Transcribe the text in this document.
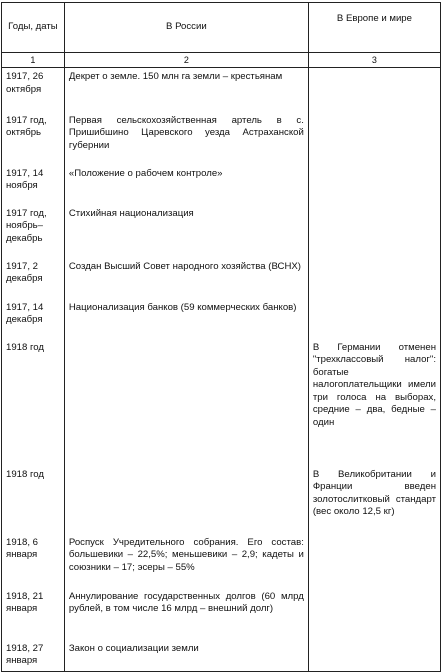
Годы, даты	В России	В Европе и мире
1	2	3
1917, 26 октября	Декрет о земле. 150 млн га земли – крестьянам	
1917 год, октябрь	Первая сельскохозяйственная артель в с. Пришибшино Царевского уезда Астраханской губернии	
1917, 14 ноября	«Положение о рабочем контроле»	
1917 год, ноябрь–декабрь	Стихийная национализация	
1917, 2 декабря	Создан Высший Совет народного хозяйства (ВСНХ)	
1917, 14 декабря	Национализация банков (59 коммерческих банков)	
1918 год		В Германии отменен "трехклассовый налог": богатые налогоплательщики имели три голоса на выборах, средние – два, бедные – один
1918 год		В Великобритании и Франции введен золотослитковый стандарт (вес около 12,5 кг)
1918, 6 января	Роспуск Учредительного собрания. Его состав: большевики – 22,5%; меньшевики – 2,9; кадеты и союзники – 17; эсеры – 55%	
1918, 21 января	Аннулирование государственных долгов (60 млрд рублей, в том числе 16 млрд – внешний долг)	
1918, 27 января	Закон о социализации земли	
